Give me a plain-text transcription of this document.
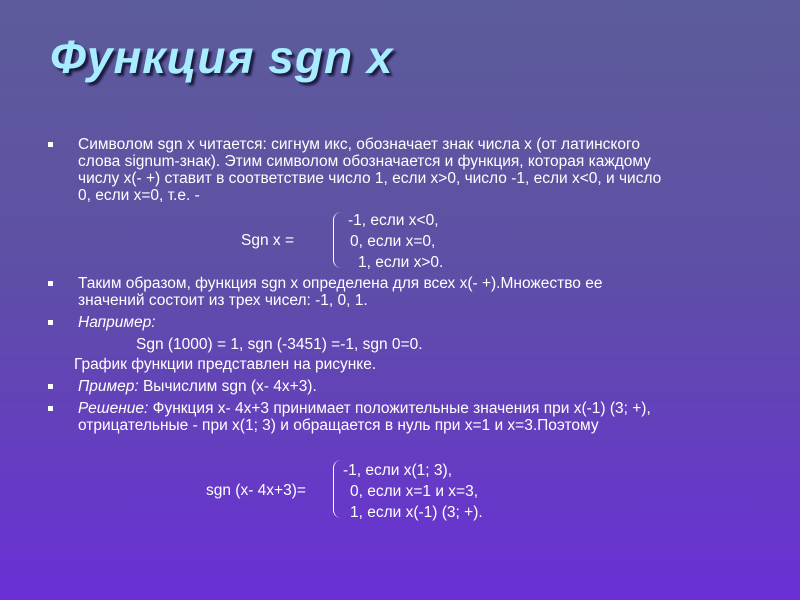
Функция sgn x
Символом sgn x читается: сигнум икс, обозначает знак числа x (от латинского
слова signum-знак). Этим символом обозначается и функция, которая каждому
числу х(- +) ставит в соответствие число 1, если х>0, число -1, если х<0, и число
0, если х=0, т.е. -
Sgn x =
-1, если х<0,
0, если х=0,
1, если х>0.
Таким образом, функция sgn x определена для всех х(- +).Множество ее
значений состоит из трех чисел: -1, 0, 1.
Например:
Sgn (1000) = 1, sgn (-3451) =-1, sgn 0=0.
График функции представлен на рисунке.
Пример: Вычислим sgn (x- 4x+3).
Решение: Функция x- 4x+3 принимает положительные значения при х(-1) (3; +),
отрицательные - при х(1; 3) и обращается в нуль при х=1 и х=3.Поэтому
sgn (x- 4x+3)=
-1, если х(1; 3),
0, если х=1 и х=3,
1, если х(-1) (3; +).
